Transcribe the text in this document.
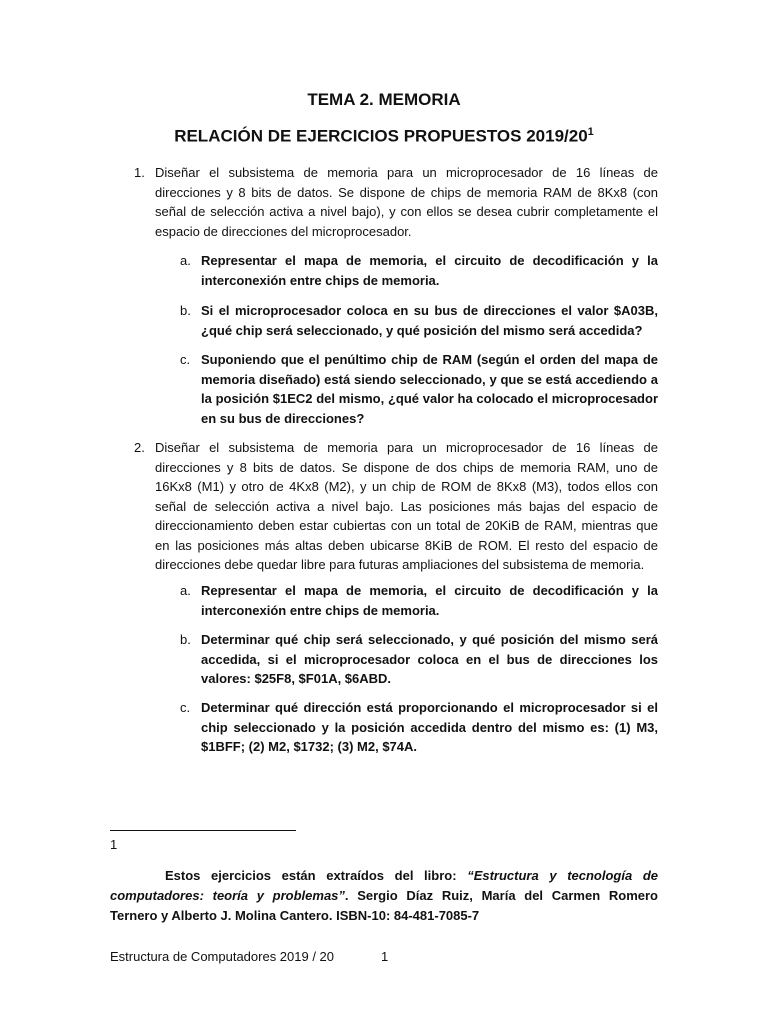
TEMA 2. MEMORIA
RELACIÓN DE EJERCICIOS PROPUESTOS $2019/20^1$
1. Diseñar el subsistema de memoria para un microprocesador de 16 líneas de direcciones y 8 bits de datos. Se dispone de chips de memoria RAM de 8Kx8 (con señal de selección activa a nivel bajo), y con ellos se desea cubrir completamente el espacio de direcciones del microprocesador.
a. Representar el mapa de memoria, el circuito de decodificación y la interconexión entre chips de memoria.
b. Si el microprocesador coloca en su bus de direcciones el valor $A03B, ¿qué chip será seleccionado, y qué posición del mismo será accedida?
c. Suponiendo que el penúltimo chip de RAM (según el orden del mapa de memoria diseñado) está siendo seleccionado, y que se está accediendo a la posición $1EC2 del mismo, ¿qué valor ha colocado el microprocesador en su bus de direcciones?
2. Diseñar el subsistema de memoria para un microprocesador de 16 líneas de direcciones y 8 bits de datos. Se dispone de dos chips de memoria RAM, uno de 16Kx8 (M1) y otro de 4Kx8 (M2), y un chip de ROM de 8Kx8 (M3), todos ellos con señal de selección activa a nivel bajo. Las posiciones más bajas del espacio de direccionamiento deben estar cubiertas con un total de 20KiB de RAM, mientras que en las posiciones más altas deben ubicarse 8KiB de ROM. El resto del espacio de direcciones debe quedar libre para futuras ampliaciones del subsistema de memoria.
a. Representar el mapa de memoria, el circuito de decodificación y la interconexión entre chips de memoria.
b. Determinar qué chip será seleccionado, y qué posición del mismo será accedida, si el microprocesador coloca en el bus de direcciones los valores: $25F8, $F01A, $6ABD.
c. Determinar qué dirección está proporcionando el microprocesador si el chip seleccionado y la posición accedida dentro del mismo es: (1) M3, $1BFF; (2) M2, $1732; (3) M2, $74A.
1
Estos ejercicios están extraídos del libro: “Estructura y tecnología de computadores: teoría y problemas”. Sergio Díaz Ruiz, María del Carmen Romero Ternero y Alberto J. Molina Cantero. ISBN-10: 84-481-7085-7
Estructura de Computadores 2019 / 20	1
